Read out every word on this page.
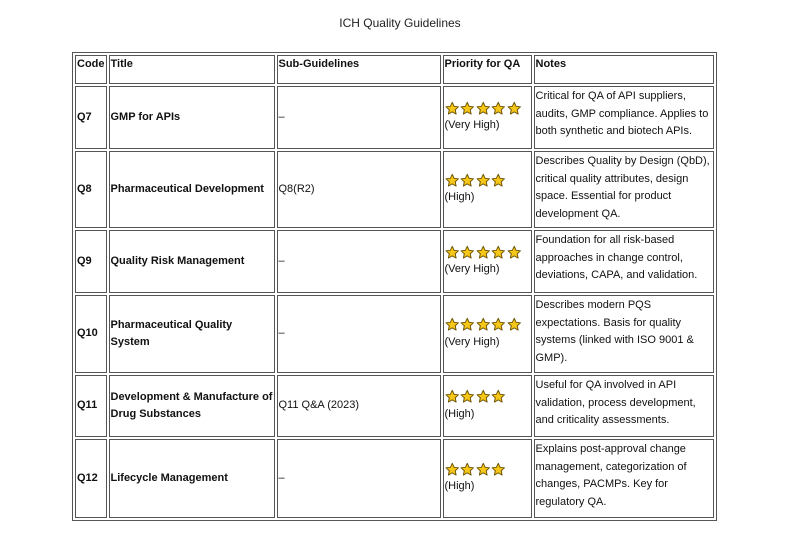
ICH Quality Guidelines
Code	Title	Sub-Guidelines	Priority for QA	Notes
Q7	GMP for APIs	–	(Very High)	Critical for QA of API suppliers, audits, GMP compliance. Applies to both synthetic and biotech APIs.
Q8	Pharmaceutical Development	Q8(R2)	(High)	Describes Quality by Design (QbD), critical quality attributes, design space. Essential for product development QA.
Q9	Quality Risk Management	–	(Very High)	Foundation for all risk-based approaches in change control, deviations, CAPA, and validation.
Q10	Pharmaceutical Quality System	–	(Very High)	Describes modern PQS expectations. Basis for quality systems (linked with ISO 9001 & GMP).
Q11	Development & Manufacture of Drug Substances	Q11 Q&A (2023)	(High)	Useful for QA involved in API validation, process development, and criticality assessments.
Q12	Lifecycle Management	–	(High)	Explains post-approval change management, categorization of changes, PACMPs. Key for regulatory QA.
